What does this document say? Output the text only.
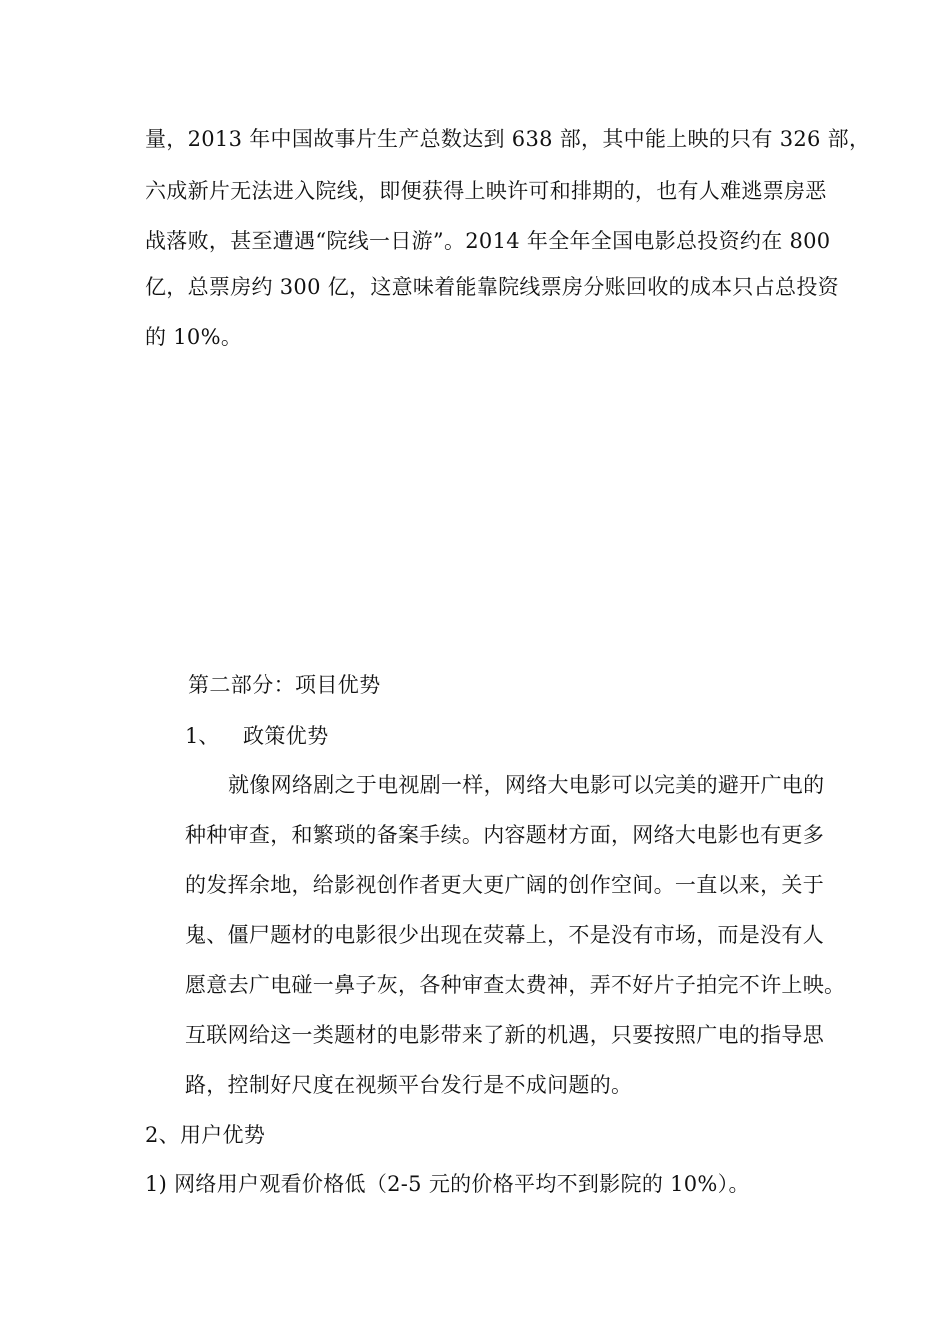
量，2013 年中国故事片生产总数达到 638 部，其中能上映的只有 326 部，
六成新片无法进入院线，即便获得上映许可和排期的，也有人难逃票房恶
战落败，甚至遭遇“院线一日游”。2014 年全年全国电影总投资约在 800
亿，总票房约 300 亿，这意味着能靠院线票房分账回收的成本只占总投资
的 10%。
第二部分：项目优势
1、 政策优势
就像网络剧之于电视剧一样，网络大电影可以完美的避开广电的
种种审查，和繁琐的备案手续。内容题材方面，网络大电影也有更多
的发挥余地，给影视创作者更大更广阔的创作空间。一直以来，关于
鬼、僵尸题材的电影很少出现在荧幕上，不是没有市场，而是没有人
愿意去广电碰一鼻子灰，各种审查太费神，弄不好片子拍完不许上映。
互联网给这一类题材的电影带来了新的机遇，只要按照广电的指导思
路，控制好尺度在视频平台发行是不成问题的。
2、用户优势
1) 网络用户观看价格低（2-5 元的价格平均不到影院的 10%）。
